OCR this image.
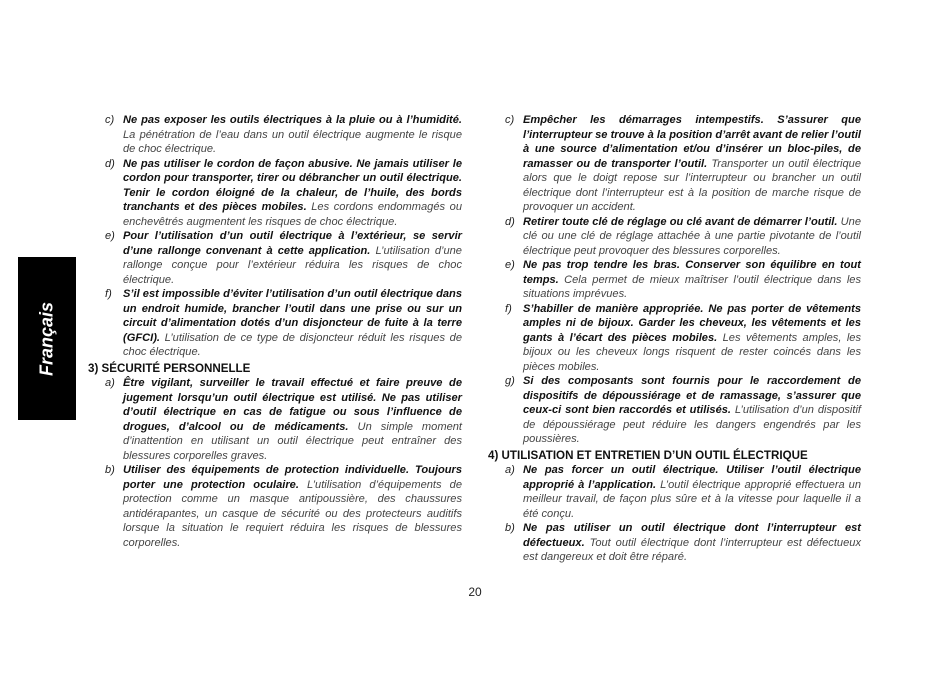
Français
c) Ne pas exposer les outils électriques à la pluie ou à l’humidité. La pénétration de l’eau dans un outil électrique augmente le risque de choc électrique.
d) Ne pas utiliser le cordon de façon abusive. Ne jamais utiliser le cordon pour transporter, tirer ou débrancher un outil électrique. Tenir le cordon éloigné de la chaleur, de l’huile, des bords tranchants et des pièces mobiles. Les cordons endommagés ou enchevêtrés augmentent les risques de choc électrique.
e) Pour l’utilisation d’un outil électrique à l’extérieur, se servir d’une rallonge convenant à cette application. L’utilisation d’une rallonge conçue pour l’extérieur réduira les risques de choc électrique.
f) S’il est impossible d’éviter l’utilisation d’un outil électrique dans un endroit humide, brancher l’outil dans une prise ou sur un circuit d’alimentation dotés d’un disjoncteur de fuite à la terre (GFCI). L’utilisation de ce type de disjoncteur réduit les risques de choc électrique.
3) SÉCURITÉ PERSONNELLE
a) Être vigilant, surveiller le travail effectué et faire preuve de jugement lorsqu’un outil électrique est utilisé. Ne pas utiliser d’outil électrique en cas de fatigue ou sous l’influence de drogues, d’alcool ou de médicaments. Un simple moment d’inattention en utilisant un outil électrique peut entraîner des blessures corporelles graves.
b) Utiliser des équipements de protection individuelle. Toujours porter une protection oculaire. L’utilisation d’équipements de protection comme un masque antipoussière, des chaussures antidérapantes, un casque de sécurité ou des protecteurs auditifs lorsque la situation le requiert réduira les risques de blessures corporelles.
c) Empêcher les démarrages intempestifs. S’assurer que l’interrupteur se trouve à la position d’arrêt avant de relier l’outil à une source d’alimentation et/ou d’insérer un bloc-piles, de ramasser ou de transporter l’outil. Transporter un outil électrique alors que le doigt repose sur l’interrupteur ou brancher un outil électrique dont l’interrupteur est à la position de marche risque de provoquer un accident.
d) Retirer toute clé de réglage ou clé avant de démarrer l’outil. Une clé ou une clé de réglage attachée à une partie pivotante de l’outil électrique peut provoquer des blessures corporelles.
e) Ne pas trop tendre les bras. Conserver son équilibre en tout temps. Cela permet de mieux maîtriser l’outil électrique dans les situations imprévues.
f) S’habiller de manière appropriée. Ne pas porter de vêtements amples ni de bijoux. Garder les cheveux, les vêtements et les gants à l’écart des pièces mobiles. Les vêtements amples, les bijoux ou les cheveux longs risquent de rester coincés dans les pièces mobiles.
g) Si des composants sont fournis pour le raccordement de dispositifs de dépoussiérage et de ramassage, s’assurer que ceux-ci sont bien raccordés et utilisés. L’utilisation d’un dispositif de dépoussiérage peut réduire les dangers engendrés par les poussières.
4) UTILISATION ET ENTRETIEN D’UN OUTIL ÉLECTRIQUE
a) Ne pas forcer un outil électrique. Utiliser l’outil électrique approprié à l’application. L’outil électrique approprié effectuera un meilleur travail, de façon plus sûre et à la vitesse pour laquelle il a été conçu.
b) Ne pas utiliser un outil électrique dont l’interrupteur est défectueux. Tout outil électrique dont l’interrupteur est défectueux est dangereux et doit être réparé.
20
